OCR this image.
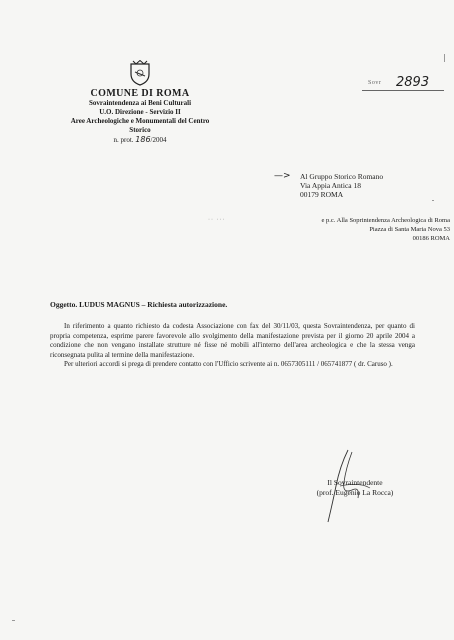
COMUNE DI ROMA
Sovraintendenza ai Beni Culturali
U.O. Direzione - Servizio II
Aree Archeologiche e Monumentali del Centro
Storico
n. prot. 186/2004
Sovr 2893
—> Al Gruppo Storico Romano
Via Appia Antica 18
00179 ROMA
·· ···	e p.c. Alla Soprintendenza Archeologica di Roma
Piazza di Santa Maria Nova 53
00186 ROMA
Oggetto. LUDUS MAGNUS – Richiesta autorizzazione.

In riferimento a quanto richiesto da codesta Associazione con fax del 30/11/03, questa Sovraintendenza, per quanto di propria competenza, esprime parere favorevole allo svolgimento della manifestazione prevista per il giorno 20 aprile 2004 a condizione che non vengano installate strutture né fisse né mobili all'interno dell'area archeologica e che la stessa venga riconsegnata pulita al termine della manifestazione.

Per ulteriori accordi si prega di prendere contatto con l'Ufficio scrivente ai n. 0657305111 / 065741877 ( dr. Caruso ).

Il Sovraintendente
(prof. Eugenio La Rocca)
